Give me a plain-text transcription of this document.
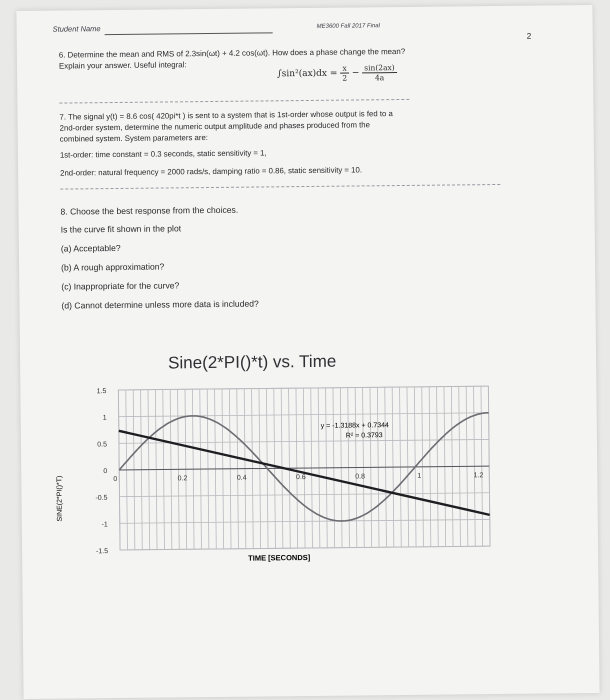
Student Name	ME3600 Fall 2017 Final
2
6. Determine the mean and RMS of 2.3sin(ωt) + 4.2 cos(ωt). How does a phase change the mean?
Explain your answer. Useful integral:
$\int\sin^2(ax)dx = \frac{x}{2} - \frac{\sin(2ax)}{4a}$
7. The signal y(t) = 8.6 cos( 420pi*t ) is sent to a system that is 1st-order whose output is fed to a
2nd-order system, determine the numeric output amplitude and phases produced from the
combined system. System parameters are:
1st-order: time constant = 0.3 seconds, static sensitivity = 1,
2nd-order: natural frequency = 2000 rads/s, damping ratio = 0.86, static sensitivity = 10.
8. Choose the best response from the choices.
Is the curve fit shown in the plot
(a) Acceptable?
(b) A rough approximation?
(c) Inappropriate for the curve?
(d) Cannot determine unless more data is included?
Sine(2*PI()*t) vs. Time
1.5
1
0.5
0
-0.5
-1
-1.5
0	0.2	0.4	0.6	0.8	1	1.2
y = -1.3188x + 0.7344
R² = 0.3793
TIME [SECONDS]
SINE(2*PI()*T)
